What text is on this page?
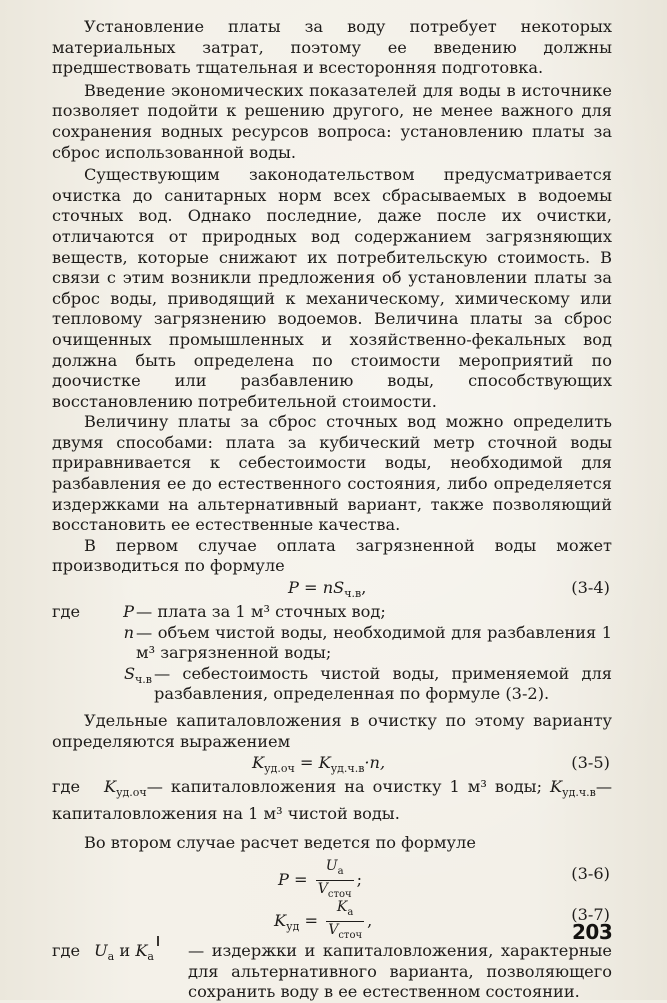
Установление платы за воду потребует некоторых материальных затрат, поэтому ее введению должны предшествовать тщательная и всесторонняя подготовка.

Введение экономических показателей для воды в источнике позволяет подойти к решению другого, не менее важного для сохранения водных ресурсов вопроса: установлению платы за сброс использованной воды.

Существующим законодательством предусматривается очистка до санитарных норм всех сбрасываемых в водоемы сточных вод. Однако последние, даже после их очистки, отличаются от природных вод содержанием загрязняющих веществ, которые снижают их потребительскую стоимость. В связи с этим возникли предложения об установлении платы за сброс воды, приводящий к механическому, химическому или тепловому загрязнению водоемов. Величина платы за сброс очищенных промышленных и хозяйственно-фекальных вод должна быть определена по стоимости мероприятий по доочистке или разбавлению воды, способствующих восстановлению потребительной стоимости.

Величину платы за сброс сточных вод можно определить двумя способами: плата за кубический метр сточной воды приравнивается к себестоимости воды, необходимой для разбавления ее до естественного состояния, либо определяется издержками на альтернативный вариант, также позволяющий восстановить ее естественные качества.

В первом случае оплата загрязненной воды может производиться по формуле

$P = nS_{ч.в}$,	(3-4)
где	P — плата за 1 м³ сточных вод;
n — объем чистой воды, необходимой для разбавления 1 м³ загрязненной воды;
$S_{ч.в}$ — себестоимость чистой воды, применяемой для разбавления, определенная по формуле (3-2).

Удельные капиталовложения в очистку по этому варианту определяются выражением

$K_{уд.оч} = K_{уд.ч.в}\cdot n$,	(3-5)

где $K_{уд.оч}—$ капиталовложения на очистку 1 м³ воды; $K_{уд.ч.в}—$ капиталовложения на 1 м³ чистой воды.

Во втором случае расчет ведется по формуле

$P = \frac{U_а}{V_{сточ}}$ ;	(3-6)
$K_{уд} = \frac{K_а}{V_{сточ}}$ ,	(3-7)
где $U_а$ и $K_а$	— издержки и капиталовложения, характерные для альтернативного варианта, позволяющего сохранить воду в ее естественном состоянии.
203
